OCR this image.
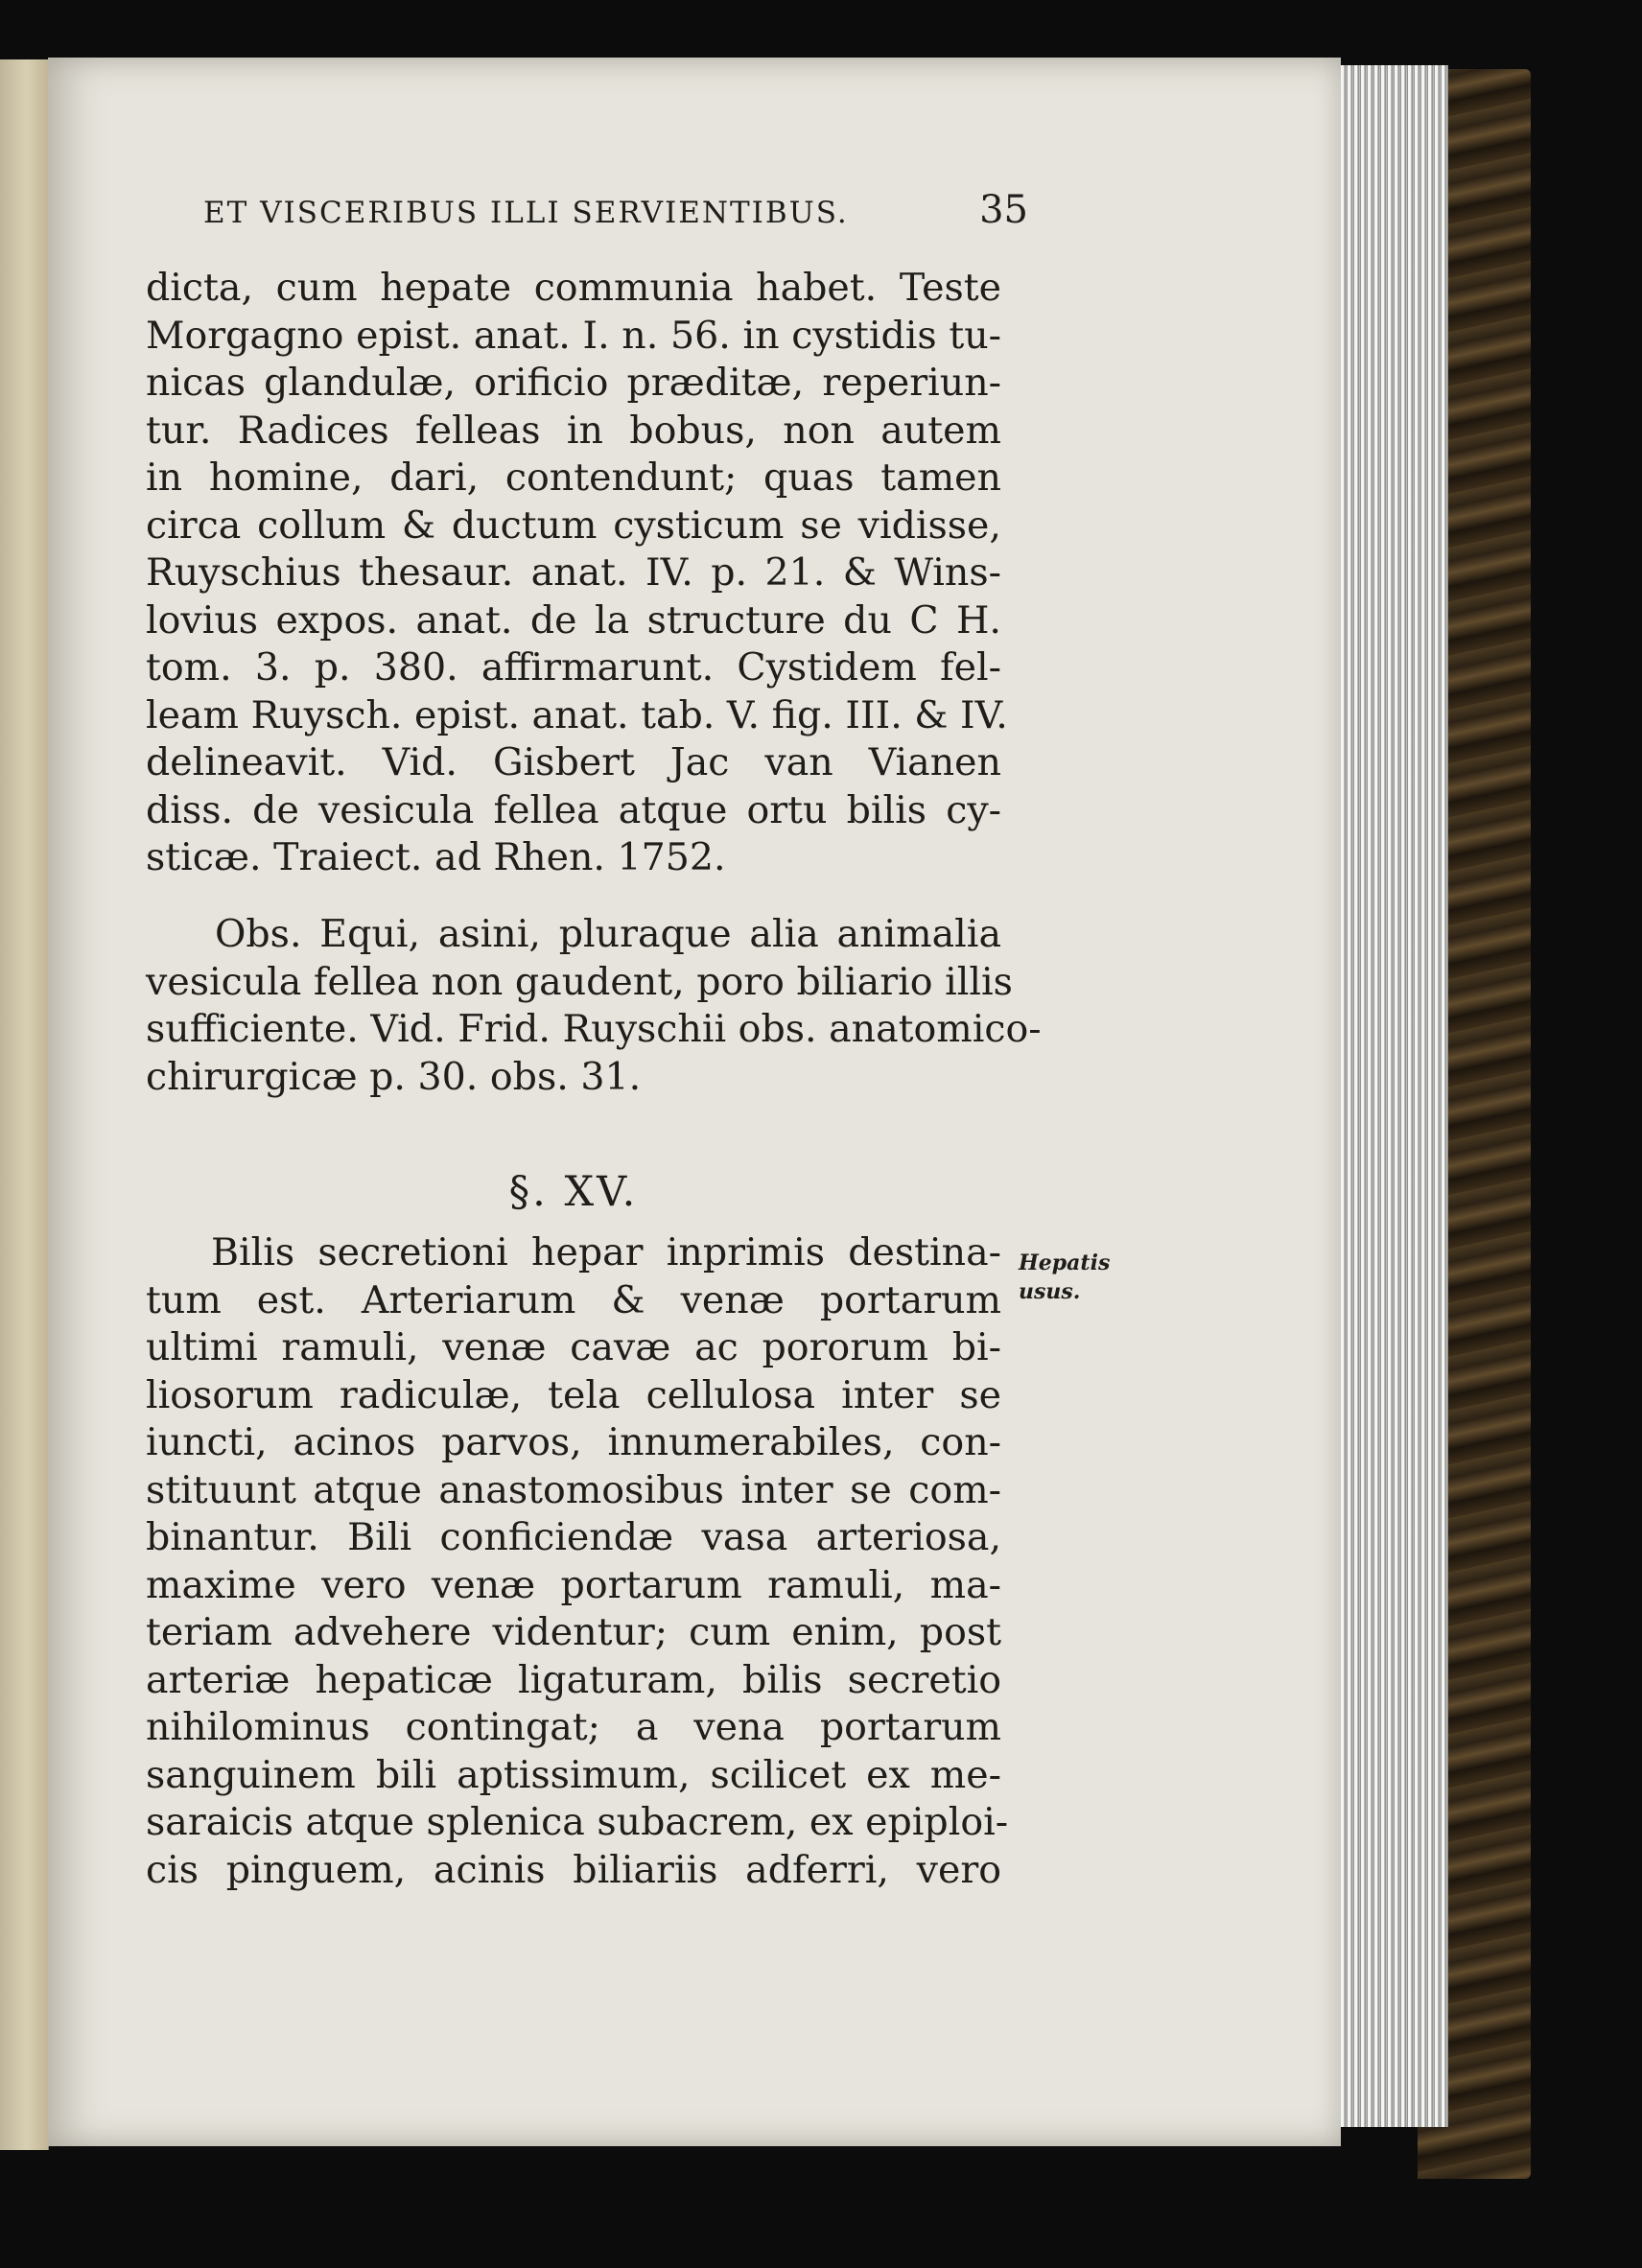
ET VISCERIBUS ILLI SERVIENTIBUS.	35
dicta, cum hepate communia habet. Teste
Morgagno epist. anat. I. n. 56. in cystidis tu-
nicas glandulæ, orificio præditæ, reperiun-
tur. Radices felleas in bobus, non autem
in homine, dari, contendunt; quas tamen
circa collum & ductum cysticum se vidisse,
Ruyschius thesaur. anat. IV. p. 21. & Wins-
lovius expos. anat. de la structure du C H.
tom. 3. p. 380. affirmarunt. Cystidem fel-
leam Ruysch. epist. anat. tab. V. fig. III. & IV.
delineavit. Vid. Gisbert Jac van Vianen
diss. de vesicula fellea atque ortu bilis cy-
sticæ. Traiect. ad Rhen. 1752.
Obs. Equi, asini, pluraque alia animalia
vesicula fellea non gaudent, poro biliario illis
sufficiente. Vid. Frid. Ruyschii obs. anatomico-
chirurgicæ p. 30. obs. 31.
§. XV.
Bilis secretioni hepar inprimis destina-
tum est. Arteriarum & venæ portarum
ultimi ramuli, venæ cavæ ac pororum bi-
liosorum radiculæ, tela cellulosa inter se
iuncti, acinos parvos, innumerabiles, con-
stituunt atque anastomosibus inter se com-
binantur. Bili conficiendæ vasa arteriosa,
maxime vero venæ portarum ramuli, ma-
teriam advehere videntur; cum enim, post
arteriæ hepaticæ ligaturam, bilis secretio
nihilominus contingat; a vena portarum
sanguinem bili aptissimum, scilicet ex me-
saraicis atque splenica subacrem, ex epiploi-
cis pinguem, acinis biliariis adferri, vero
Hepatis
usus.
